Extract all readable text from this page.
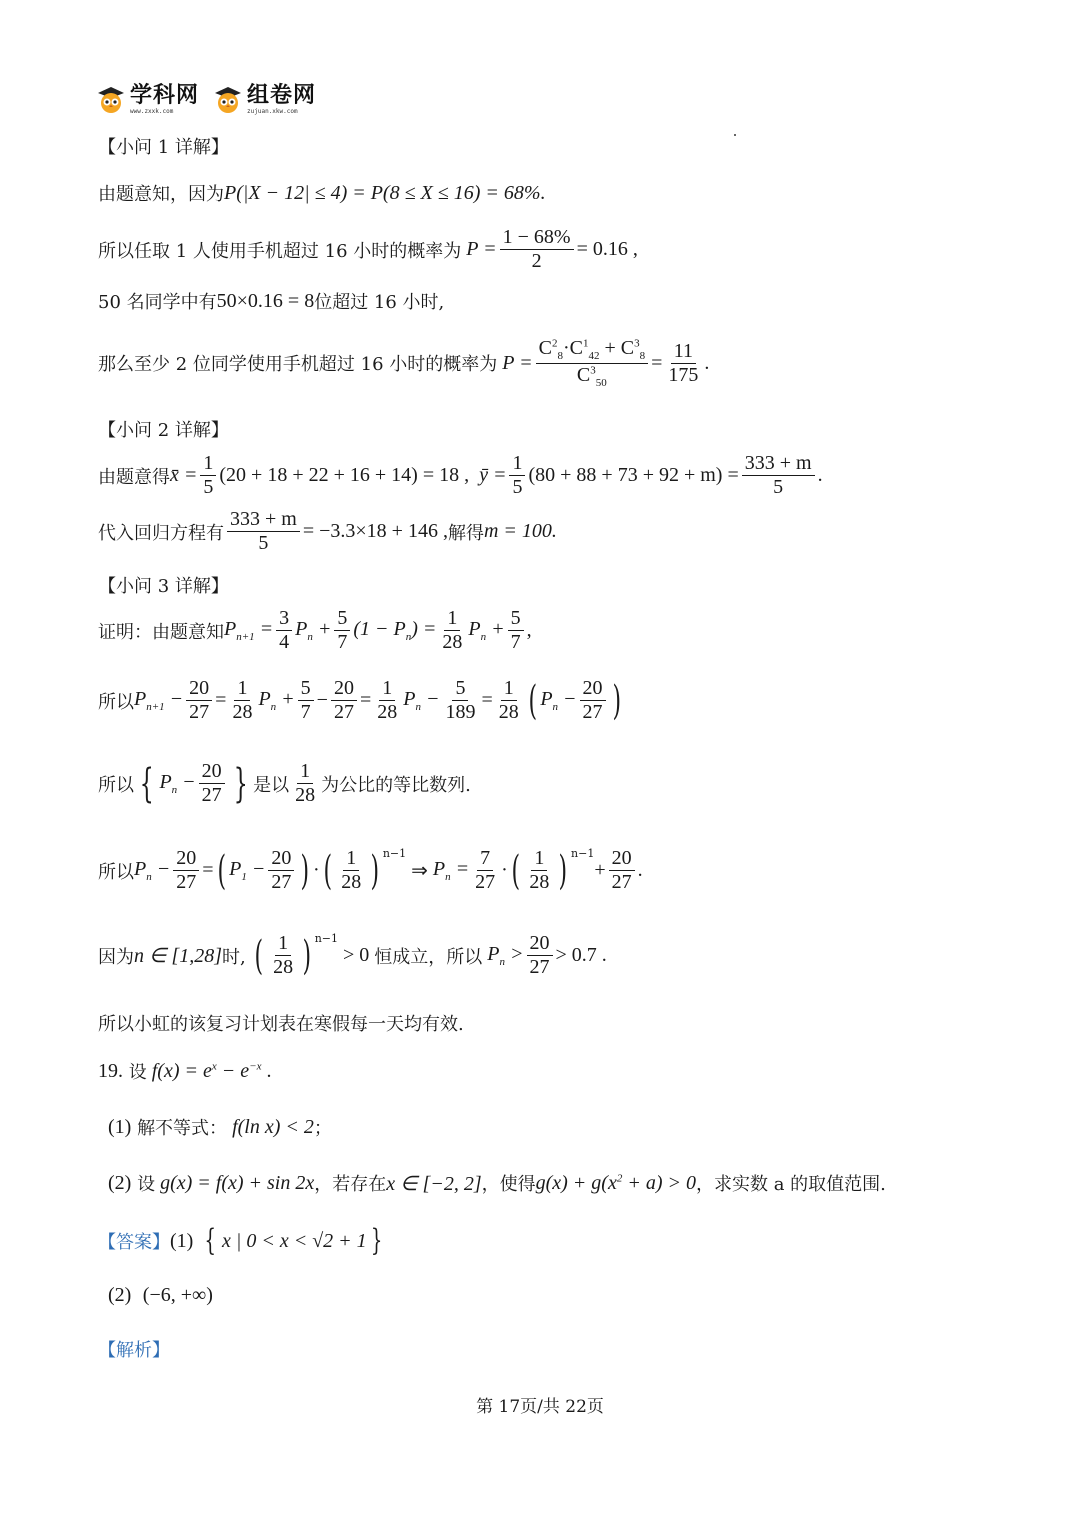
学科网
www.zxxk.com
组卷网
zujuan.xkw.com
【小问 1 详解】
由题意知，因为 P(|X − 12| ≤ 4) = P(8 ≤ X ≤ 16) = 68%.
所以任取 1 人使用手机超过 16 小时的概率为 $P = \frac{1 - 68\%}{2} = 0.16$ ,
50 名同学中有 50×0.16 = 8 位超过 16 小时,
那么至少 2 位同学使用手机超过 16 小时的概率为 $P = \frac{C^2_8\cdot C^1_{42} + C^3_8}{C^3_{50}} = \frac{11}{175}$ .
【小问 2 详解】
由题意得 x̄ = $\frac{1}{5} (20 + 18 + 22 + 16 + 14) = 18$ , ȳ = $\frac{1}{5} (80 + 88 + 73 + 92 + m) = \frac{333 + m}{5}$ .
代入回归方程有 $\frac{333 + m}{5} = -3.3\times 18 + 146$ , 解得 m = 100.
【小问 3 详解】
证明：由题意知 $P_{n+1} = \frac{3}{4} P_n + \frac{5}{7} (1 - P_n) = \frac{1}{28} P_n + \frac{5}{7}$ ,
所以 $P_{n+1} - \frac{20}{27} = \frac{1}{28} P_n + \frac{5}{7} - \frac{20}{27} = \frac{1}{28} P_n - \frac{5}{189} = \frac{1}{28}$ ( $P_n - \frac{20}{27}$ )
所以 { $P_n - \frac{20}{27}$ } 是以 $\frac{1}{28}$ 为公比的等比数列.
所以 $P_n - \frac{20}{27}$ = ( $P_1 - \frac{20}{27}$ ) · ( $\frac{1}{28}$ ) $^{n-1}$
⇒ $P_n = \frac{7}{27}$ · ( $\frac{1}{28}$ ) $^{n-1}$
+ $\frac{20}{27}$ .
因为 n ∈ [1,28] 时,
( $\frac{1}{28}$ ) $^{n-1}$
> 0 恒成立，所以 $P_n > \frac{20}{27} > 0.7$ .
所以小虹的该复习计划表在寒假每一天均有效.
19.
设 $f(x) = e^x - e^{-x}$ .
(1)
解不等式： f(ln x) < 2 ；
(2)
设 g(x) = f(x) + sin 2x ，若存在 x ∈ [−2, 2] ，使得 $g(x) + g(x^2 + a) > 0$ ，求实数 a 的取值范围.
【答案】 (1) { x | 0 < x < √2 + 1 }
(2)
(−6, +∞)
【解析】
第 17页/共 22页
